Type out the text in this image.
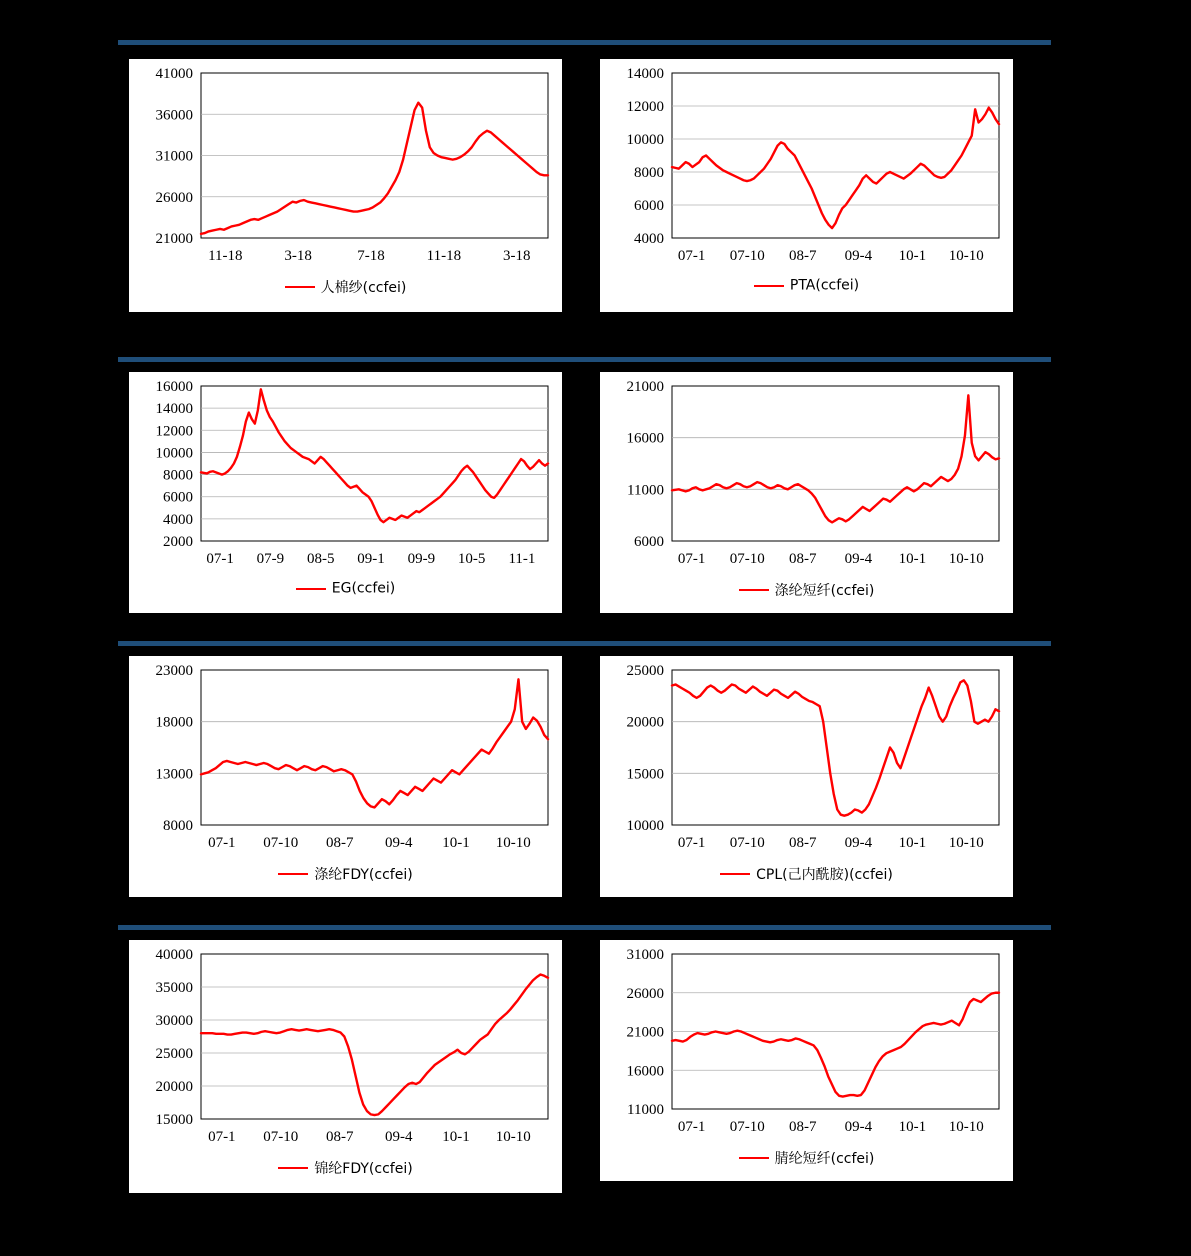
21000
26000
31000
36000
41000
11-18	3-18	7-18	11-18	3-18
人棉纱(ccfei)
4000
6000
8000
10000
12000
14000
07-1 07-10 08-7 09-4 10-1 10-10
PTA(ccfei)
2000
4000
6000
8000
10000
12000
14000
16000
07-1 07-9 08-5 09-1 09-9 10-5 11-1
EG(ccfei)
6000
11000
16000
21000
07-1 07-10 08-7 09-4 10-1 10-10
涤纶短纤(ccfei)
8000
13000
18000
23000
07-1 07-10 08-7 09-4 10-1 10-10
涤纶FDY(ccfei)
10000
15000
20000
25000
07-1 07-10 08-7 09-4 10-1 10-10
CPL(己内酰胺)(ccfei)
15000
20000
25000
30000
35000
40000
07-1 07-10 08-7 09-4 10-1 10-10
锦纶FDY(ccfei)
11000
16000
21000
26000
31000
07-1 07-10 08-7 09-4 10-1 10-10
腈纶短纤(ccfei)
